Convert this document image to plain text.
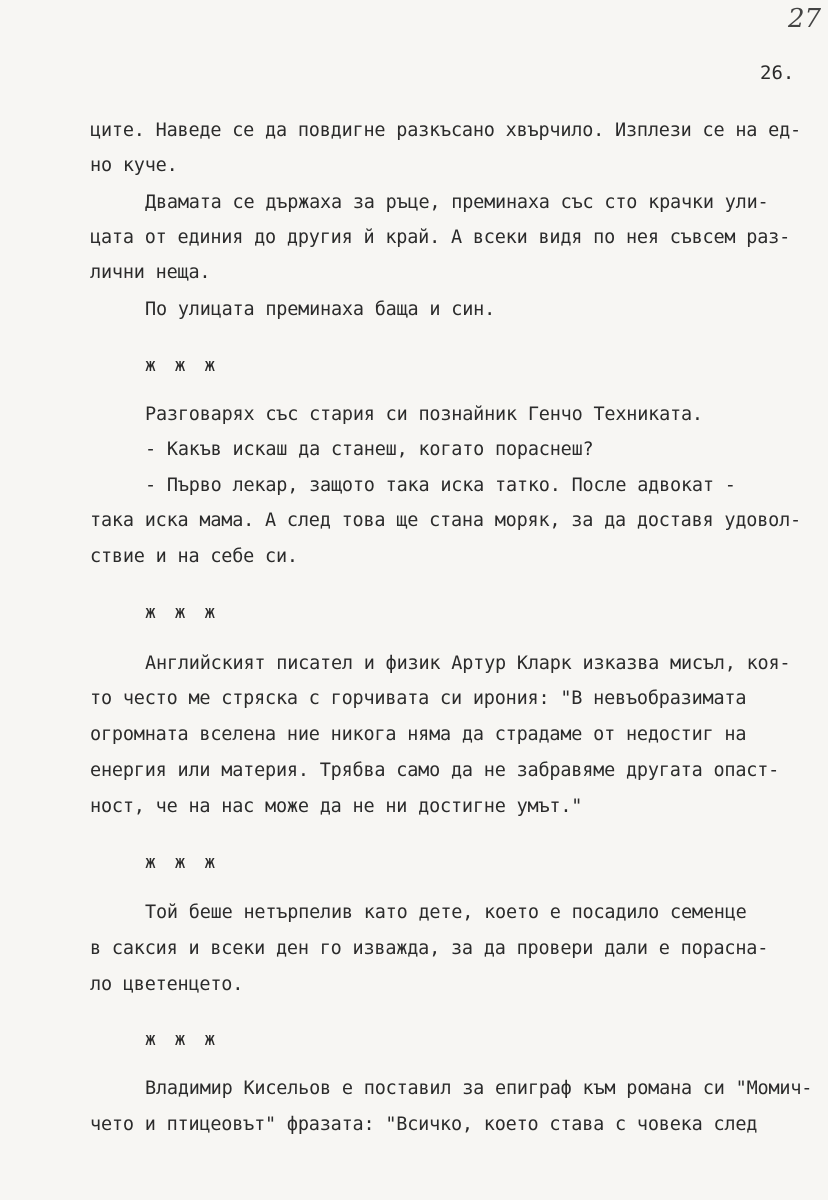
27
26.
ците. Наведе се да повдигне разкъсано хвърчило. Изплези се на ед-
но куче.
Двамата се държаха за ръце, преминаха със сто крачки ули-
цата от единия до другия й край. А всеки видя по нея съвсем раз-
лични неща.
По улицата преминаха баща и син.
ж ж ж
Разговарях със стария си познайник Генчо Техниката.
- Какъв искаш да станеш, когато пораснеш?
- Първо лекар, защото така иска татко. После адвокат -
така иска мама. А след това ще стана моряк, за да доставя удовол-
ствие и на себе си.
ж ж ж
Английският писател и физик Артур Кларк изказва мисъл, коя-
то често ме стряска с горчивата си ирония: "В невъобразимата
огромната вселена ние никога няма да страдаме от недостиг на
енергия или материя. Трябва само да не забравяме другата опаст-
ност, че на нас може да не ни достигне умът."
ж ж ж
Той беше нетърпелив като дете, което е посадило семенце
в саксия и всеки ден го изважда, за да провери дали е порасна-
ло цветенцето.
ж ж ж
Владимир Кисельов е поставил за епиграф към романа си "Момич-
чето и птицеовът" фразата: "Всичко, което става с човека след
